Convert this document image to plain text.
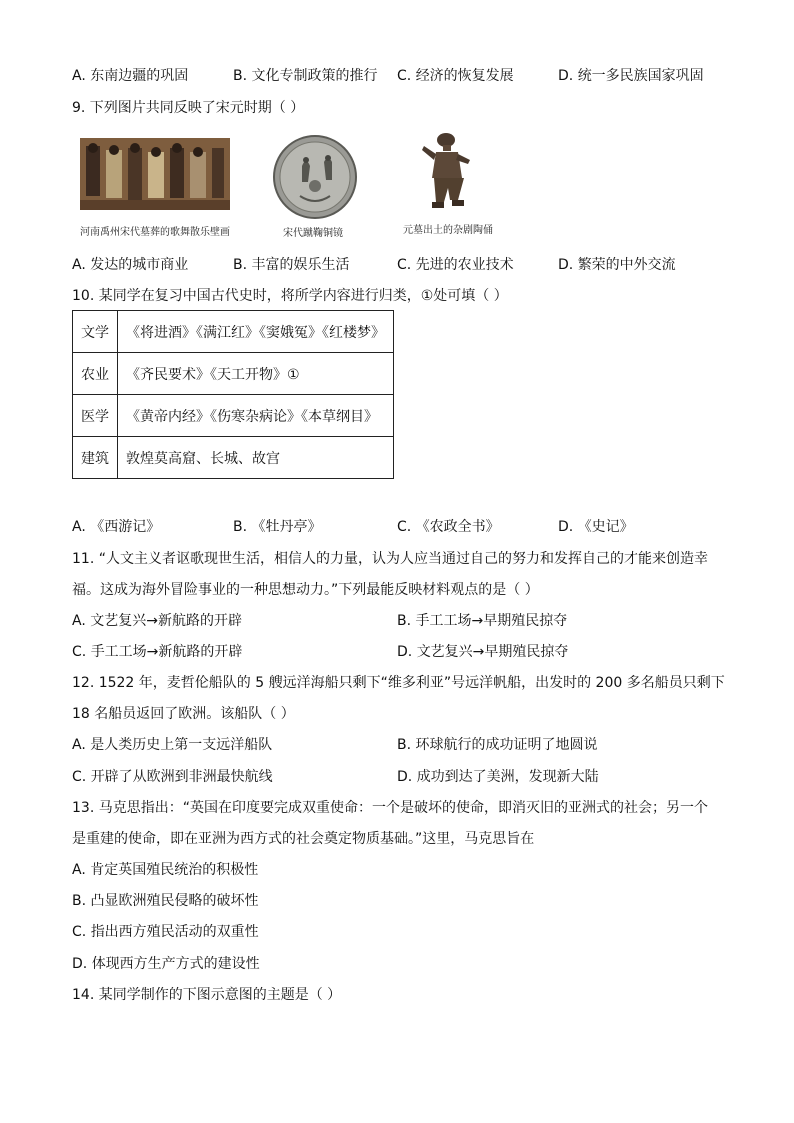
A. 东南边疆的巩固	B. 文化专制政策的推行 C. 经济的恢复发展	D. 统一多民族国家巩固
9. 下列图片共同反映了宋元时期（ ）
河南禹州宋代墓葬的歌舞散乐壁画	宋代蹴鞠铜镜	元墓出土的杂剧陶俑
A. 发达的城市商业	B. 丰富的娱乐生活	C. 先进的农业技术	D. 繁荣的中外交流
10. 某同学在复习中国古代史时，将所学内容进行归类，①处可填（ ）
文学	《将进酒》《满江红》《窦娥冤》《红楼梦》
农业	《齐民要术》《天工开物》①
医学	《黄帝内经》《伤寒杂病论》《本草纲目》
建筑	敦煌莫高窟、长城、故宫
A. 《西游记》	B. 《牡丹亭》	C. 《农政全书》	D. 《史记》
11. “人文主义者讴歌现世生活，相信人的力量，认为人应当通过自己的努力和发挥自己的才能来创造幸
福。这成为海外冒险事业的一种思想动力。”下列最能反映材料观点的是（ ）
A. 文艺复兴→新航路的开辟	B. 手工工场→早期殖民掠夺
C. 手工工场→新航路的开辟	D. 文艺复兴→早期殖民掠夺
12. 1522 年，麦哲伦船队的 5 艘远洋海船只剩下“维多利亚”号远洋帆船，出发时的 200 多名船员只剩下
18 名船员返回了欧洲。该船队（ ）
A. 是人类历史上第一支远洋船队	B. 环球航行的成功证明了地圆说
C. 开辟了从欧洲到非洲最快航线	D. 成功到达了美洲，发现新大陆
13. 马克思指出：“英国在印度要完成双重使命：一个是破坏的使命，即消灭旧的亚洲式的社会；另一个
是重建的使命，即在亚洲为西方式的社会奠定物质基础。”这里，马克思旨在
A. 肯定英国殖民统治的积极性
B. 凸显欧洲殖民侵略的破坏性
C. 指出西方殖民活动的双重性
D. 体现西方生产方式的建设性
14. 某同学制作的下图示意图的主题是（ ）
